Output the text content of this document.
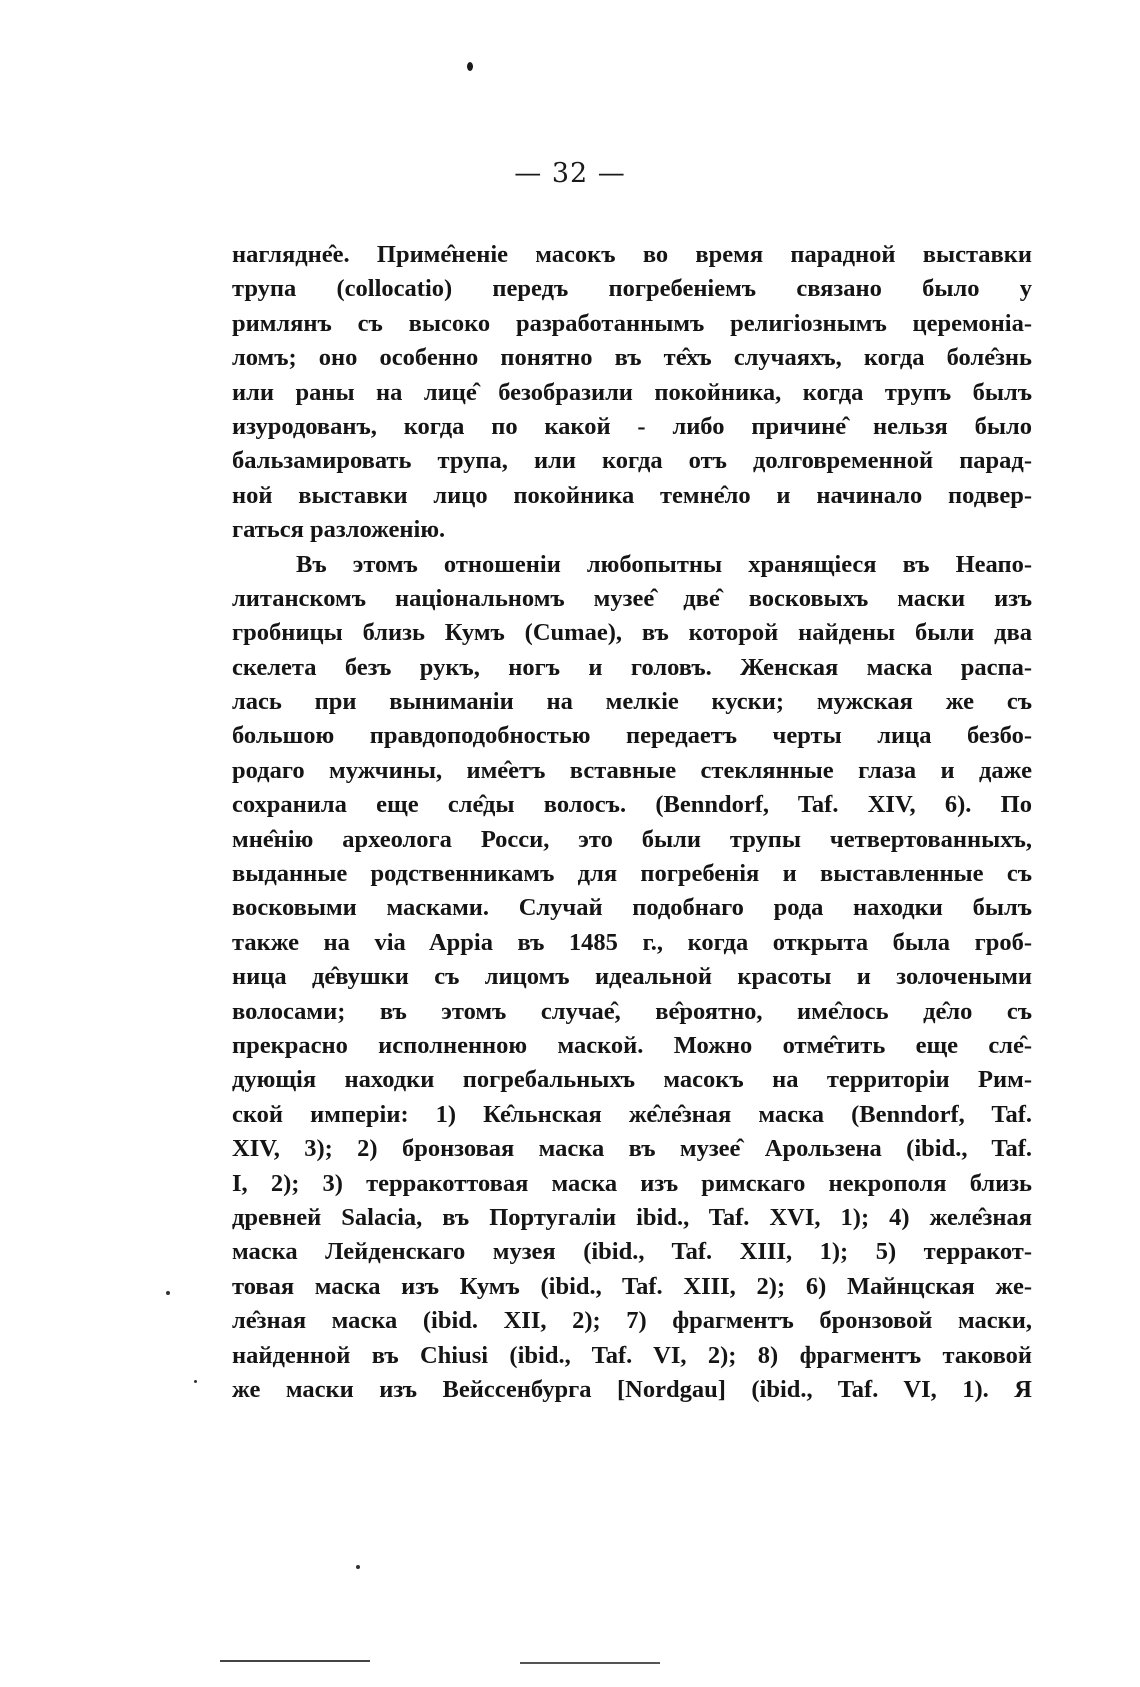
— 32 —
наглядне̂е. Приме̂ненiе масокъ во время парадной выставки
трупа (collocatio) передъ погребенiемъ связано было у
римлянъ съ высоко разработаннымъ религiознымъ церемонiа-
ломъ; оно особенно понятно въ те̂хъ случаяхъ, когда боле̂знь
или раны на лице̂ безобразили покойника, когда трупъ былъ
изуродованъ, когда по какой - либо причине̂ нельзя было
бальзамировать трупа, или когда отъ долговременной парад-
ной выставки лицо покойника темне̂ло и начинало подвер-
гаться разложенiю.
Въ этомъ отношенiи любопытны хранящiеся въ Неапо-
литанскомъ нацiональномъ музее̂ две̂ восковыхъ маски изъ
гробницы близь Кумъ (Cumae), въ которой найдены были два
скелета безъ рукъ, ногъ и головъ. Женская маска распа-
лась при выниманiи на мелкiе куски; мужская же съ
большою правдоподобностью передаетъ черты лица безбо-
родаго мужчины, име̂етъ вставные стеклянные глаза и даже
сохранила еще сле̂ды волосъ. (Benndorf, Taf. XIV, 6). По
мне̂нiю археолога Росси, это были трупы четвертованныхъ,
выданные родственникамъ для погребенiя и выставленные съ
восковыми масками. Случай подобнаго рода находки былъ
также на via Appia въ 1485 г., когда открыта была гроб-
ница де̂вушки съ лицомъ идеальной красоты и золочеными
волосами; въ этомъ случае̂, ве̂роятно, име̂лось де̂ло съ
прекрасно исполненною маской. Можно отме̂тить еще сле̂-
дующiя находки погребальныхъ масокъ на территорiи Рим-
ской имперiи: 1) Ке̂льнская же̂ле̂зная маска (Benndorf, Taf.
XIV, 3); 2) бронзовая маска въ музее̂ Арользена (ibid., Taf.
I, 2); 3) терракоттовая маска изъ римскаго некрополя близь
древней Salacia, въ Португалiи ibid., Taf. XVI, 1); 4) желе̂зная
маска Лейденскаго музея (ibid., Taf. XIII, 1); 5) терракот-
товая маска изъ Кумъ (ibid., Taf. XIII, 2); 6) Майнцская же-
ле̂зная маска (ibid. XII, 2); 7) фрагментъ бронзовой маски,
найденной въ Chiusi (ibid., Taf. VI, 2); 8) фрагментъ таковой
же маски изъ Вейссенбурга [Nordgau] (ibid., Taf. VI, 1). Я
